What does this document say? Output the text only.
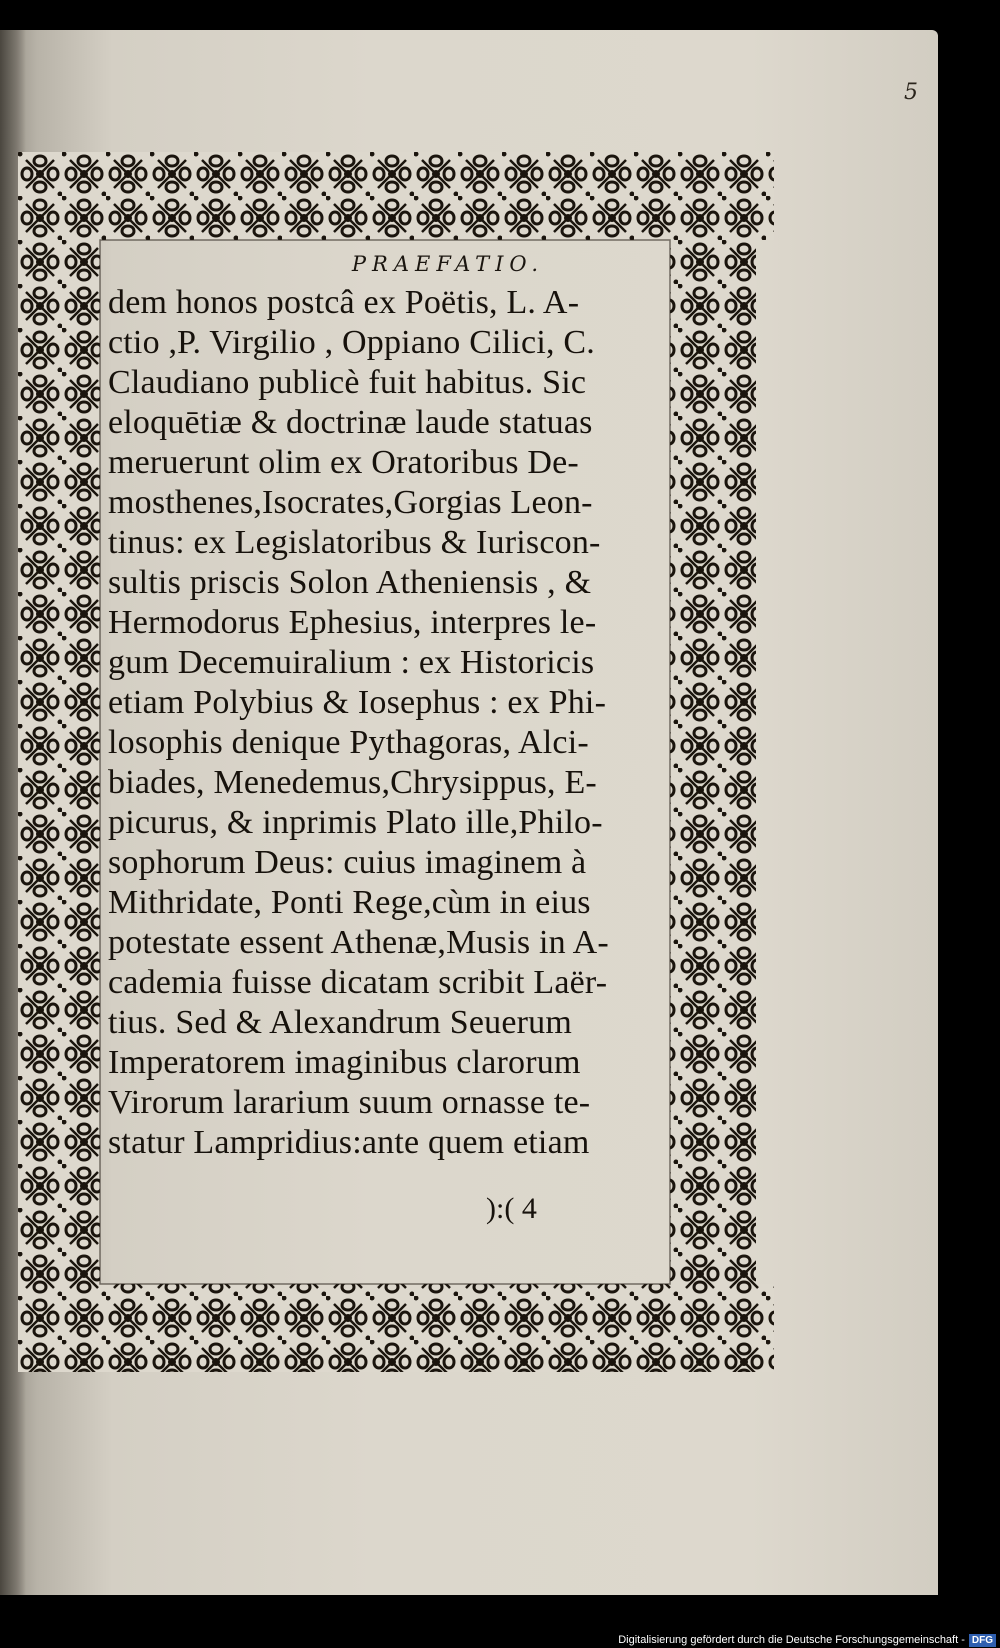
5
PRAEFATIO.
dem honos postcâ ex Poëtis, L. A-
ctio ,P. Virgilio , Oppiano Cilici, C.
Claudiano publicè fuit habitus. Sic
eloquētiæ & doctrinæ laude statuas
meruerunt olim ex Oratoribus De-
mosthenes,Isocrates,Gorgias Leon-
tinus: ex Legislatoribus & Iuriscon-
sultis priscis Solon Atheniensis , &
Hermodorus Ephesius, interpres le-
gum Decemuiralium : ex Historicis
etiam Polybius & Iosephus : ex Phi-
losophis denique Pythagoras, Alci-
biades, Menedemus,Chrysippus, E-
picurus, & inprimis Plato ille,Philo-
sophorum Deus: cuius imaginem à
Mithridate, Ponti Rege,cùm in eius
potestate essent Athenæ,Musis in A-
cademia fuisse dicatam scribit Laër-
tius. Sed & Alexandrum Seuerum
Imperatorem imaginibus clarorum
Virorum lararium suum ornasse te-
statur Lampridius:ante quem etiam
):( 4
Digitalisierung gefördert durch die Deutsche Forschungsgemeinschaft - DFG
